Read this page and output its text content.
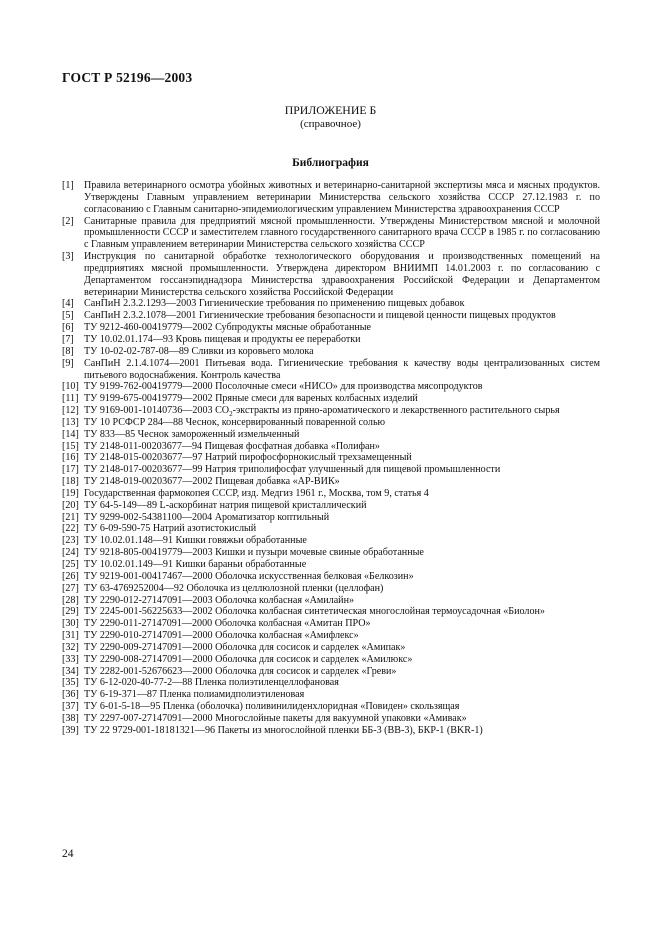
ГОСТ Р 52196—2003
ПРИЛОЖЕНИЕ Б
(справочное)
Библиография
[1]	Правила ветеринарного осмотра убойных животных и ветеринарно-санитарной экспертизы мяса и мясных продуктов. Утверждены Главным управлением ветеринарии Министерства сельского хозяйства СССР 27.12.1983 г. по согласованию с Главным санитарно-эпидемиологическим управлением Министерства здравоохранения СССР
[2]	Санитарные правила для предприятий мясной промышленности. Утверждены Министерством мясной и молочной промышленности СССР и заместителем главного государственного санитарного врача СССР в 1985 г. по согласованию с Главным управлением ветеринарии Министерства сельского хозяйства СССР
[3]	Инструкция по санитарной обработке технологического оборудования и производственных помещений на предприятиях мясной промышленности. Утверждена директором ВНИИМП 14.01.2003 г. по согласованию с Департаментом госсанэпиднадзора Министерства здравоохранения Российской Федерации и Департаментом ветеринарии Министерства сельского хозяйства Российской Федерации
[4]	СанПиН 2.3.2.1293—2003 Гигиенические требования по применению пищевых добавок
[5]	СанПиН 2.3.2.1078—2001 Гигиенические требования безопасности и пищевой ценности пищевых продуктов
[6]	ТУ 9212-460-00419779—2002 Субпродукты мясные обработанные
[7]	ТУ 10.02.01.174—93 Кровь пищевая и продукты ее переработки
[8]	ТУ 10-02-02-787-08—89 Сливки из коровьего молока
[9]	СанПиН 2.1.4.1074—2001 Питьевая вода. Гигиенические требования к качеству воды централизованных систем питьевого водоснабжения. Контроль качества
[10] ТУ 9199-762-00419779—2000 Посолочные смеси «НИСО» для производства мясопродуктов
[11] ТУ 9199-675-00419779—2002 Пряные смеси для вареных колбасных изделий
[12] ТУ 9169-001-10140736—2003 $СО_2$-экстракты из пряно-ароматического и лекарственного растительного сырья
[13] ТУ 10 РСФСР 284—88 Чеснок, консервированный поваренной солью
[14] ТУ 833—85 Чеснок замороженный измельченный
[15] ТУ 2148-011-00203677—94 Пищевая фосфатная добавка «Полифан»
[16] ТУ 2148-015-00203677—97 Натрий пирофосфорнокислый трехзамещенный
[17] ТУ 2148-017-00203677—99 Натрия триполифосфат улучшенный для пищевой промышленности
[18] ТУ 2148-019-00203677—2002 Пищевая добавка «АР-ВИК»
[19] Государственная фармокопея СССР, изд. Медгиз 1961 г., Москва, том 9, статья 4
[20] ТУ 64-5-149—89 L-аскорбинат натрия пищевой кристаллический
[21] ТУ 9299-002-54381100—2004 Ароматизатор коптильный
[22] ТУ 6-09-590-75 Натрий азотистокислый
[23] ТУ 10.02.01.148—91 Кишки говяжьи обработанные
[24] ТУ 9218-805-00419779—2003 Кишки и пузыри мочевые свиные обработанные
[25] ТУ 10.02.01.149—91 Кишки бараньи обработанные
[26] ТУ 9219-001-00417467—2000 Оболочка искусственная белковая «Белкозин»
[27] ТУ 63-4769252004—92 Оболочка из целлюлозной пленки (целлофан)
[28] ТУ 2290-012-27147091—2003 Оболочка колбасная «Амилайн»
[29] ТУ 2245-001-56225633—2002 Оболочка колбасная синтетическая многослойная термоусадочная «Биолон»
[30] ТУ 2290-011-27147091—2000 Оболочка колбасная «Амитан ПРО»
[31] ТУ 2290-010-27147091—2000 Оболочка колбасная «Амифлекс»
[32] ТУ 2290-009-27147091—2000 Оболочка для сосисок и сарделек «Амипак»
[33] ТУ 2290-008-27147091—2000 Оболочка для сосисок и сарделек «Амилюкс»
[34] ТУ 2282-001-52676623—2000 Оболочка для сосисок и сарделек «Греви»
[35] ТУ 6-12-020-40-77-2—88 Пленка полиэтиленцеллофановая
[36] ТУ 6-19-371—87 Пленка полиамидполиэтиленовая
[37] ТУ 6-01-5-18—95 Пленка (оболочка) поливинилиденхлоридная «Повиден» скользящая
[38] ТУ 2297-007-27147091—2000 Многослойные пакеты для вакуумной упаковки «Амивак»
[39] ТУ 22 9729-001-18181321—96 Пакеты из многослойной пленки ББ-3 (ВВ-3), БКР-1 (BKR-1)
24
